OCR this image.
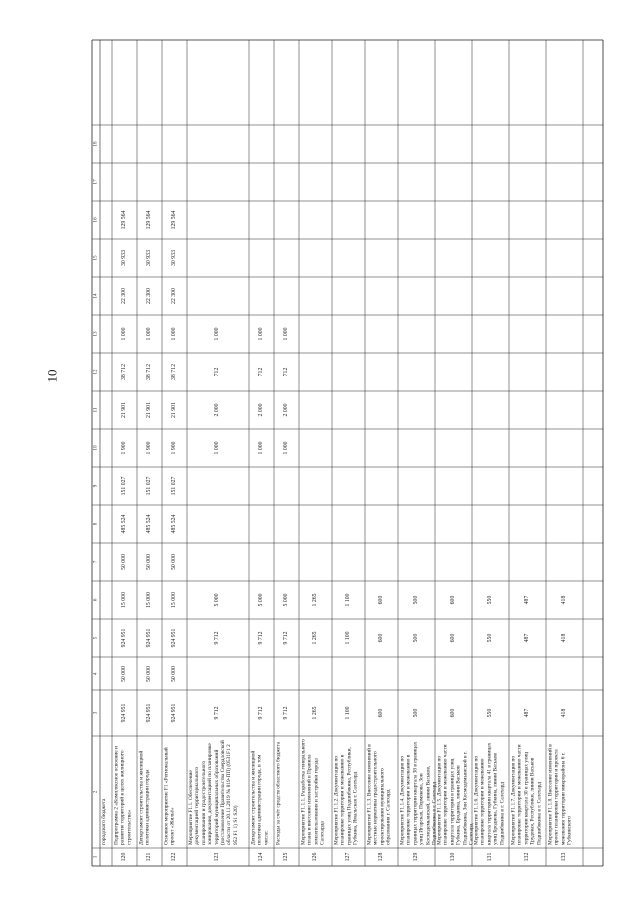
10
1
2
3
4
5
6
7
8
9
10
11
12
13
14
15
16
17
18
городского бюджета
120
Подпрограмма 2 «Комплексное освоение и развитие территорий в целях жилищного строительства»
924 951
50 000
924 951
15 000
50 000
485 524
151 027
1 900
21 901
38 712
1 000
22 300
30 933
129 564
121
Департамент строительства и жилищной политики администрации города
924 951
50 000
924 951
15 000
50 000
485 524
151 027
1 900
21 901
38 712
1 000
22 300
30 933
129 564
122
Основное мероприятие F1 «Региональный проект «Жильё»
924 951
50 000
924 951
15 000
50 000
485 524
151 027
1 900
21 901
38 712
1 000
22 300
30 933
129 564
123
Мероприятие F1.1. Обеспечение документацией территориального планирования и градостроительного зонирования, документацией по планировке территорий муниципальных образований (постановление Правительства Свердловской области от 20.11.2019 № 819-ПП) (0531F1 2 952 F1 1) S1 S20)
9 712
9 712
5 000
1 000
2 000
712
1 000
124
Департамент строительства и жилищной политики администрации города, в том числе:
9 712
9 712
5 000
1 000
2 000
712
1 000
125
Расходы за счёт средств областного бюджета
9 712
9 712
5 000
1 000
2 000
712
1 000
126
Мероприятие F1.1.1. Разработка генерального плана и внесение изменений в Правила землепользования и застройки города Салехарда
1 265
1 265
1 265
127
Мероприятие F1.1.2. Документация по планировке территории и межеванию в границах улиц Подшибякина, Республики, Губкина, Ямальская г. Салехард
1 100
1 100
1 100
128
Мероприятие F1.1.3. Внесение изменений в местные нормативы градостроительного проектирования муниципального образования г. Салехард
600
600
600
129
Мероприятие F1.1.4. Документация по планировке территории и межеванию в границах территории квартала 38 в границах улиц Игарская, Пермякова, Зои Космодемьянской, линии Васьков, Подшибякина в г. Салехард
500
500
500
130
Мероприятие F1.1.5. Документация по планировке территории и межеванию части квартала территории в границах улиц Губкина, Броднева, линии Васьков Подшибякина, Зои Космодемьянской в г. Салехард
600
600
600
131
Мероприятие F1.1.6. Документация по планировке территории и межеванию квартала территории квартала 41 в границах улиц Броднева, Губкина, линии Васьков Подшибякина в г. Салехард
550
550
550
132
Мероприятие F1.1.7. Документация по планировке территории и межеванию части территории квартала 30 в границах улиц Трудовая, Республики, линии Васьков Подшибякина в г. Салехард
487
487
487
133
Мероприятие F1.1.8. Внесение изменений в проект планировки территории и проекта межевания территории микрорайона 6 г. Губкинского
418
418
418
